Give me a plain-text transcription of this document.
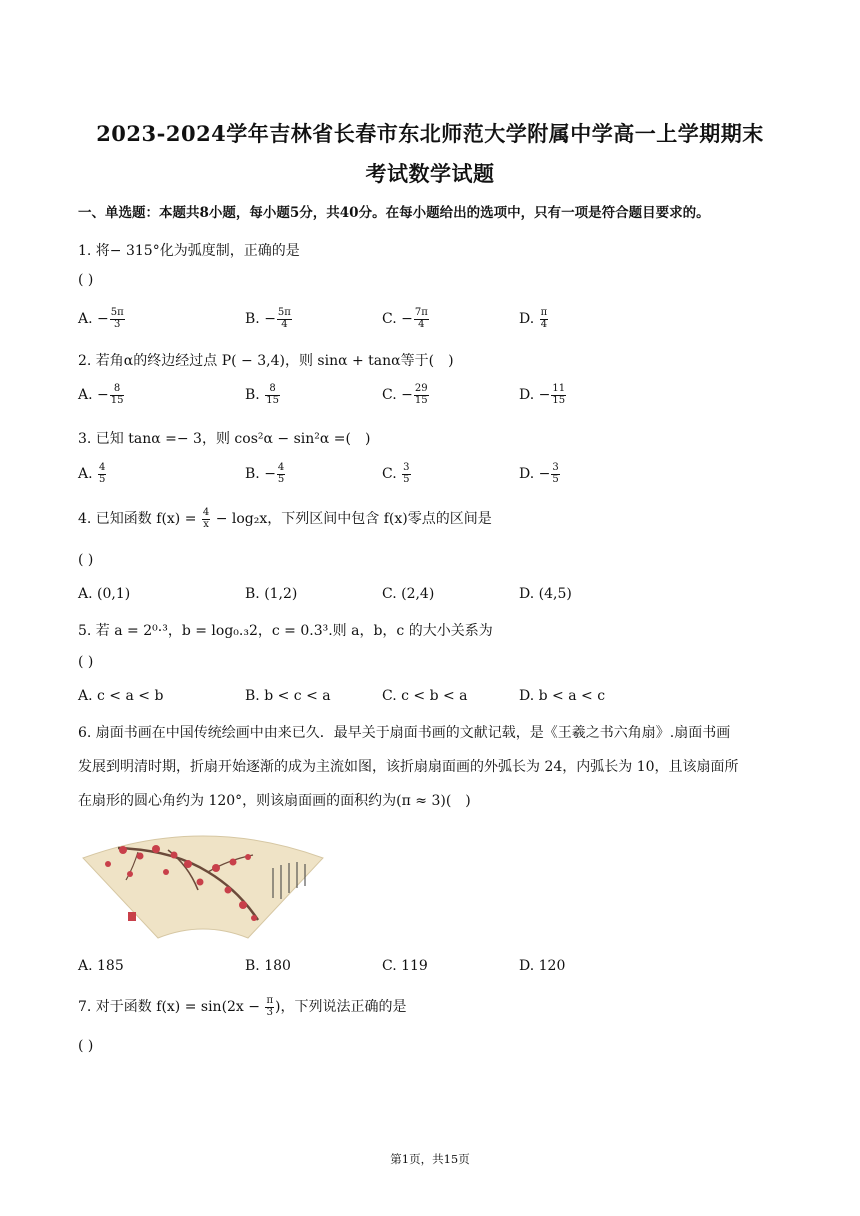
2023-2024学年吉林省长春市东北师范大学附属中学高一上学期期末
考试数学试题
一、单选题：本题共8小题，每小题5分，共40分。在每小题给出的选项中，只有一项是符合题目要求的。
1. 将− 315°化为弧度制，正确的是
( )
A. − $\frac{5\pi}{3}$	B. − $\frac{5\pi}{4}$	C. − $\frac{7\pi}{4}$	D. $\frac{\pi}{4}$
2. 若角α的终边经过点 P( − 3,4)，则 sinα + tanα等于(　)
A. − $\frac{8}{15}$	B. $\frac{8}{15}$	C. − $\frac{29}{15}$	D. − $\frac{11}{15}$
3. 已知 tanα =− 3，则 cos²α − sin²α =(　)
A. $\frac{4}{5}$	B. − $\frac{4}{5}$	C. $\frac{3}{5}$	D. − $\frac{3}{5}$
4. 已知函数 $f(x) = \frac{4}{x} - \log_2x$，下列区间中包含 f(x)零点的区间是
( )
A. (0,1)	B. (1,2)	C. (2,4)	D. (4,5)
5. 若 a = 2⁰·³，b = log₀.₃2，c = 0.3³.则 a，b，c 的大小关系为
( )
A. c < a < b	B. b < c < a	C. c < b < a	D. b < a < c
6. 扇面书画在中国传统绘画中由来已久．最早关于扇面书画的文献记载，是《王羲之书六角扇》.扇面书画
发展到明清时期，折扇开始逐渐的成为主流如图，该折扇扇面画的外弧长为 24，内弧长为 10，且该扇面所
在扇形的圆心角约为 120°，则该扇面画的面积约为(π ≈ 3)(　)
A. 185	B. 180	C. 119	D. 120
7. 对于函数 $f(x) = \sin(2x - \frac{\pi}{3}$ )，下列说法正确的是
( )
第1页，共15页
